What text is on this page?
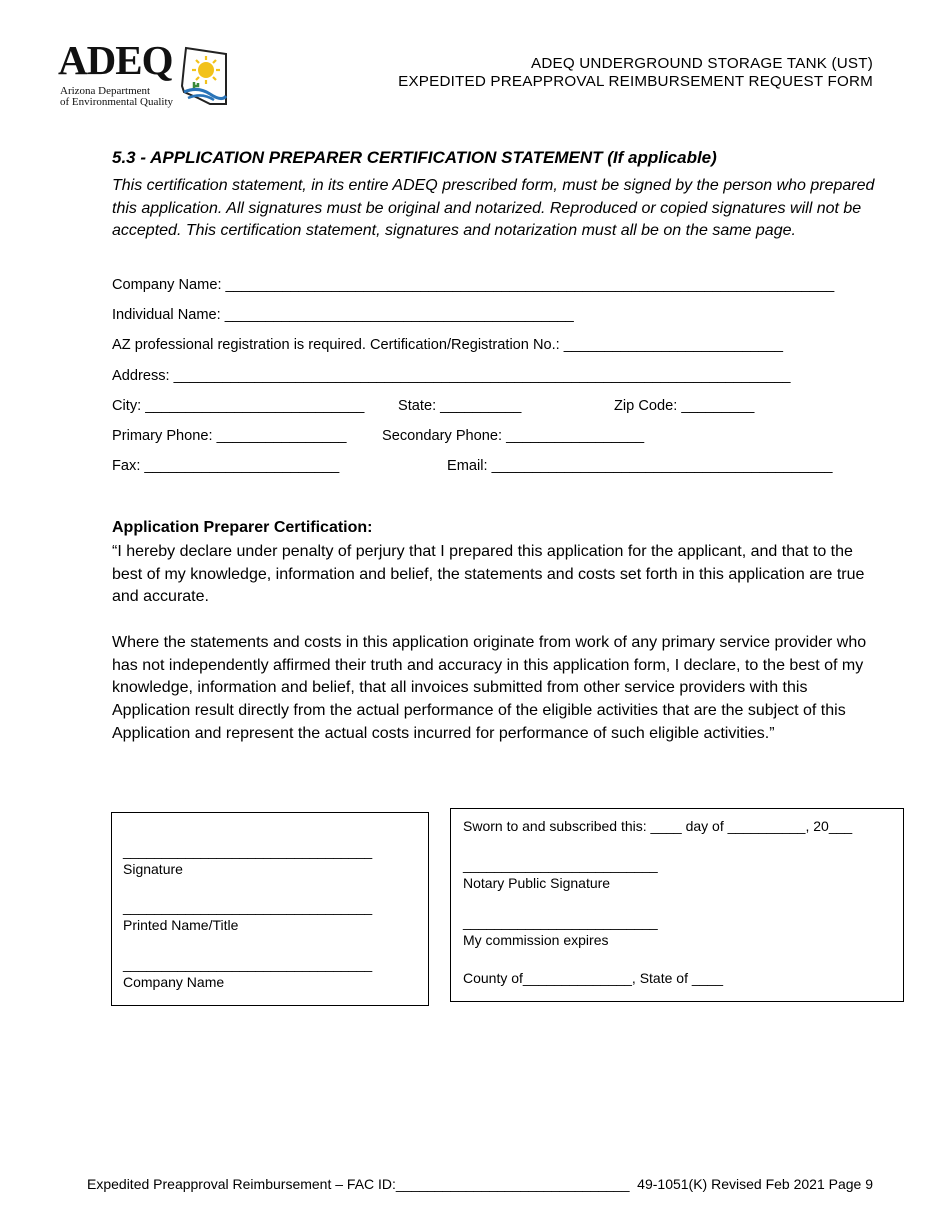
ADEQ
Arizona Department
of Environmental Quality
ADEQ UNDERGROUND STORAGE TANK (UST)
EXPEDITED PREAPPROVAL REIMBURSEMENT REQUEST FORM
5.3 - APPLICATION PREPARER CERTIFICATION STATEMENT (If applicable)
This certification statement, in its entire ADEQ prescribed form, must be signed by the person who prepared this application. All signatures must be original and notarized. Reproduced or copied signatures will not be accepted. This certification statement, signatures and notarization must all be on the same page.
Company Name: ___________________________________________________________________________
Individual Name: ___________________________________________
AZ professional registration is required. Certification/Registration No.: ___________________________
Address: ____________________________________________________________________________
City: ___________________________ State: __________	Zip Code: _________
Primary Phone: ________________ Secondary Phone: _________________
Fax: ________________________	Email: __________________________________________
Application Preparer Certification:
“I hereby declare under penalty of perjury that I prepared this application for the applicant, and that to the best of my knowledge, information and belief, the statements and costs set forth in this application are true and accurate.
Where the statements and costs in this application originate from work of any primary service provider who has not independently affirmed their truth and accuracy in this application form, I declare, to the best of my knowledge, information and belief, that all invoices submitted from other service providers with this Application result directly from the actual performance of the eligible activities that are the subject of this Application and represent the actual costs incurred for performance of such eligible activities.”
________________________________
Signature
________________________________
Printed Name/Title
________________________________
Company Name
Sworn to and subscribed this: ____ day of __________, 20___
_________________________
Notary Public Signature
_________________________
My commission expires
County of______________, State of ____
Expedited Preapproval Reimbursement – FAC ID:______________________________ 49-1051(K) Revised Feb 2021 Page 9
